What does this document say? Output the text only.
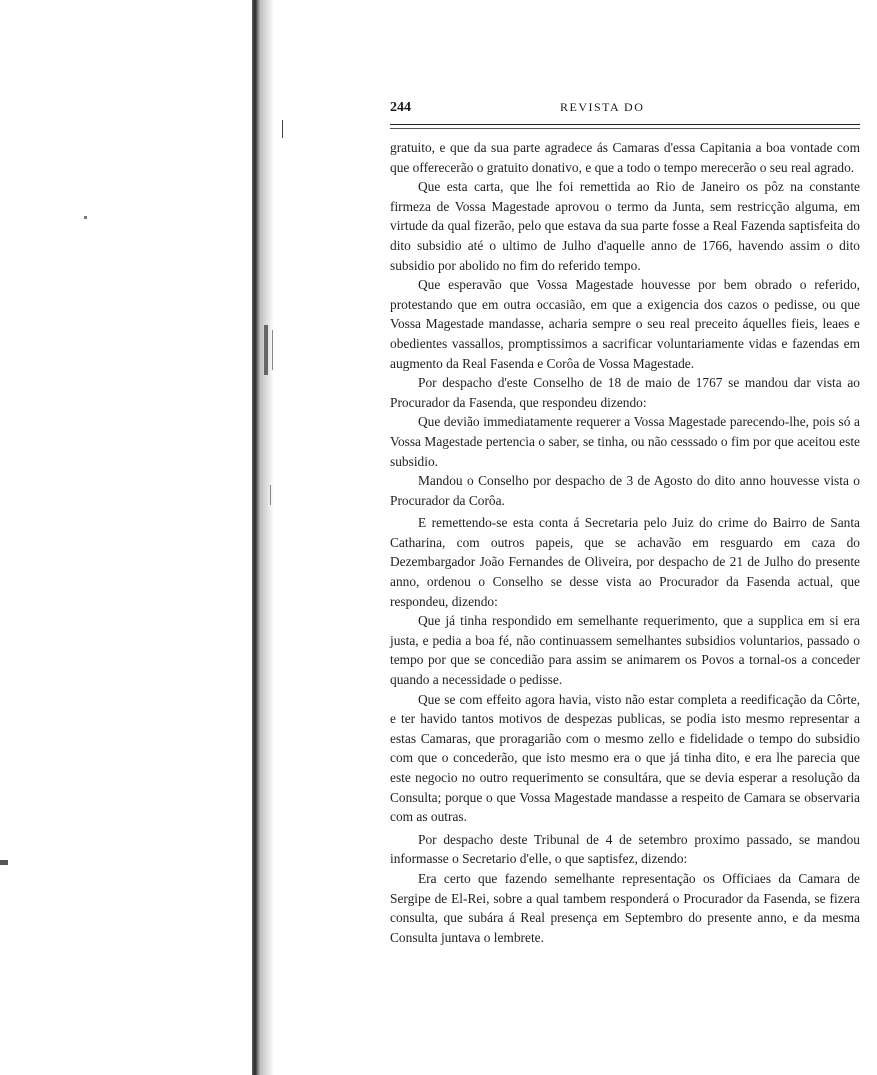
244	REVISTA DO

gratuito, e que da sua parte agradece ás Camaras d'essa Capitania a boa vontade com que offerecerão o gratuito donativo, e que a todo o tempo merecerão o seu real agrado.

Que esta carta, que lhe foi remettida ao Rio de Janeiro os pôz na constante firmeza de Vossa Magestade aprovou o termo da Junta, sem restricção alguma, em virtude da qual fizerão, pelo que estava da sua parte fosse a Real Fazenda saptisfeita do dito subsidio até o ultimo de Julho d'aquelle anno de 1766, havendo assim o dito subsidio por abolido no fim do referido tempo.

Que esperavão que Vossa Magestade houvesse por bem obrado o referido, protestando que em outra occasião, em que a exigencia dos cazos o pedisse, ou que Vossa Magestade mandasse, acharia sempre o seu real preceito áquelles fieis, leaes e obedientes vassallos, promptissimos a sacrificar voluntariamente vidas e fazendas em augmento da Real Fasenda e Corôa de Vossa Magestade.

Por despacho d'este Conselho de 18 de maio de 1767 se mandou dar vista ao Procurador da Fasenda, que respondeu dizendo:

Que devião immediatamente requerer a Vossa Magestade parecendo-lhe, pois só a Vossa Magestade pertencia o saber, se tinha, ou não cesssado o fim por que aceitou este subsidio.

Mandou o Conselho por despacho de 3 de Agosto do dito anno houvesse vista o Procurador da Corôa.

E remettendo-se esta conta á Secretaria pelo Juiz do crime do Bairro de Santa Catharina, com outros papeis, que se achavão em resguardo em caza do Dezembargador João Fernandes de Oliveira, por despacho de 21 de Julho do presente anno, ordenou o Conselho se desse vista ao Procurador da Fasenda actual, que respondeu, dizendo:

Que já tinha respondido em semelhante requerimento, que a supplica em si era justa, e pedia a boa fé, não continuassem semelhantes subsidios voluntarios, passado o tempo por que se concedião para assim se animarem os Povos a tornal-os a conceder quando a necessidade o pedisse.

Que se com effeito agora havia, visto não estar completa a reedificação da Côrte, e ter havido tantos motivos de despezas publicas, se podia isto mesmo representar a estas Camaras, que proragarião com o mesmo zello e fidelidade o tempo do subsidio com que o concederão, que isto mesmo era o que já tinha dito, e era lhe parecia que este negocio no outro requerimento se consultára, que se devia esperar a resolução da Consulta; porque o que Vossa Magestade mandasse a respeito de Camara se observaria com as outras.

Por despacho deste Tribunal de 4 de setembro proximo passado, se mandou informasse o Secretario d'elle, o que saptisfez, dizendo:

Era certo que fazendo semelhante representação os Officiaes da Camara de Sergipe de El-Rei, sobre a qual tambem responderá o Procurador da Fasenda, se fizera consulta, que subára á Real presença em Septembro do presente anno, e da mesma Consulta juntava o lembrete.
